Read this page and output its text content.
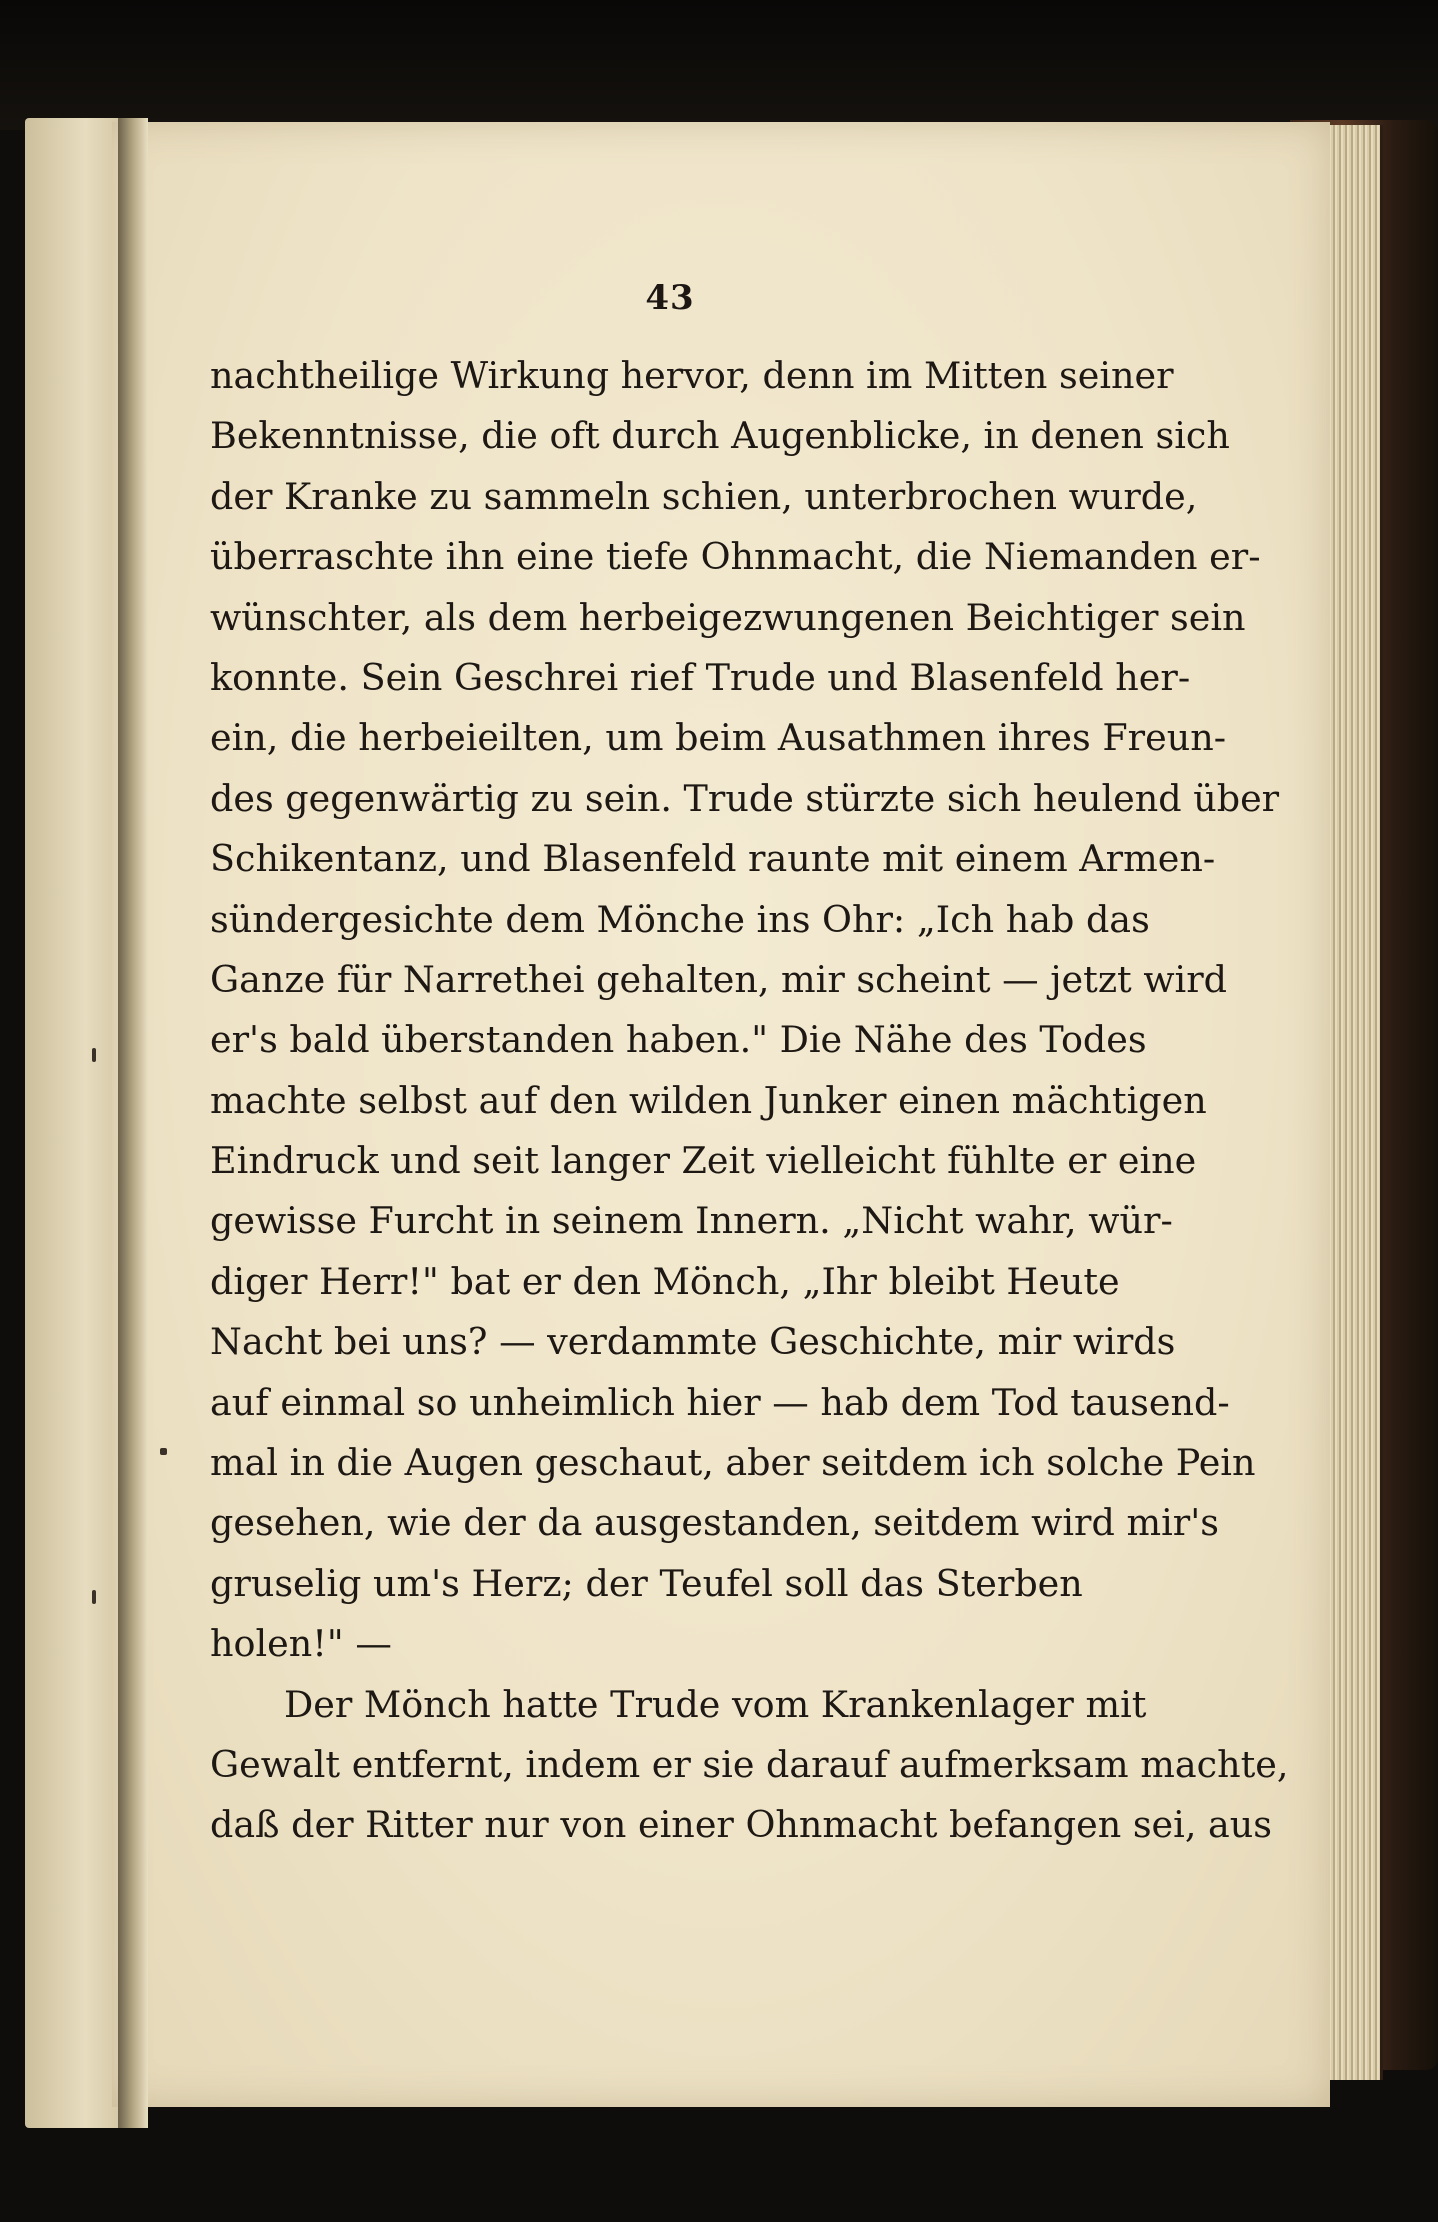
43
nachtheilige Wirkung hervor, denn im Mitten seiner
Bekenntnisse, die oft durch Augenblicke, in denen sich
der Kranke zu sammeln schien, unterbrochen wurde,
überraschte ihn eine tiefe Ohnmacht, die Niemanden er-
wünschter, als dem herbeigezwungenen Beichtiger sein
konnte. Sein Geschrei rief Trude und Blasenfeld her-
ein, die herbeieilten, um beim Ausathmen ihres Freun-
des gegenwärtig zu sein. Trude stürzte sich heulend über
Schikentanz, und Blasenfeld raunte mit einem Armen-
sündergesichte dem Mönche ins Ohr: „Ich hab das
Ganze für Narrethei gehalten, mir scheint — jetzt wird
er's bald überstanden haben." Die Nähe des Todes
machte selbst auf den wilden Junker einen mächtigen
Eindruck und seit langer Zeit vielleicht fühlte er eine
gewisse Furcht in seinem Innern. „Nicht wahr, wür-
diger Herr!" bat er den Mönch, „Ihr bleibt Heute
Nacht bei uns? — verdammte Geschichte, mir wirds
auf einmal so unheimlich hier — hab dem Tod tausend-
mal in die Augen geschaut, aber seitdem ich solche Pein
gesehen, wie der da ausgestanden, seitdem wird mir's
gruselig um's Herz; der Teufel soll das Sterben
holen!" —
Der Mönch hatte Trude vom Krankenlager mit
Gewalt entfernt, indem er sie darauf aufmerksam machte,
daß der Ritter nur von einer Ohnmacht befangen sei, aus
